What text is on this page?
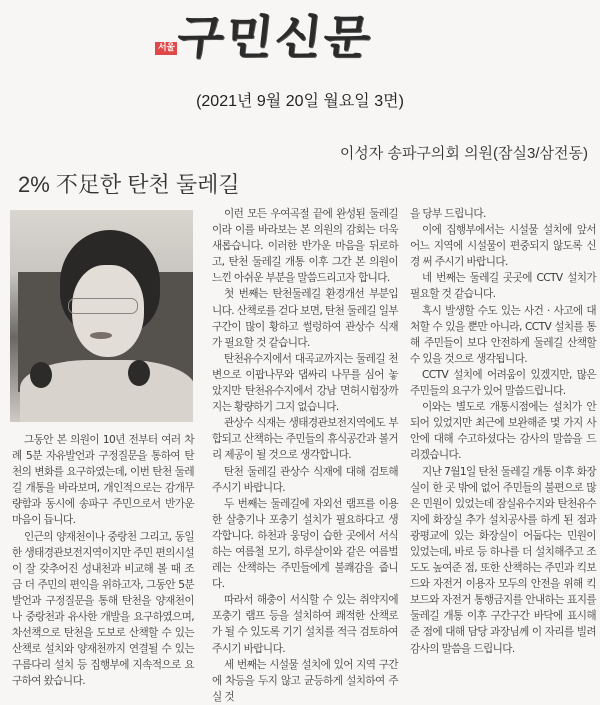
서울 구민신문
(2021년 9월 20일 월요일 3면)
이성자 송파구의회 의원(잠실3/삼전동)
2% 不足한 탄천 둘레길

그동안 본 의원이 10년 전부터 여러 차례 5분 자유발언과 구정질문을 통하여 탄천의 변화를 요구하였는데, 이번 탄천 둘레길 개통을 바라보며, 개인적으로는 감개무량함과 동시에 송파구 주민으로서 반가운 마음이 듭니다.

인근의 양재천이나 중랑천 그리고, 동일한 생태경관보전지역이지만 주민 편의시설이 잘 갖추어진 성내천과 비교해 볼 때 조금 더 주민의 편익을 위하고자, 그동안 5분 발언과 구정질문을 통해 탄천을 양재천이나 중랑천과 유사한 개발을 요구하였으며, 차선책으로 탄천을 도보로 산책할 수 있는 산책로 설치와 양재천까지 연결될 수 있는 구름다리 설치 등 집행부에 지속적으로 요구하여 왔습니다.

이런 모든 우여곡절 끝에 완성된 둘레길이라 이를 바라보는 본 의원의 감회는 더욱 새롭습니다. 이러한 반가운 마음을 뒤로하고, 탄천 둘레길 개통 이후 그간 본 의원이 느낀 아쉬운 부분을 말씀드리고자 합니다.

첫 번째는 탄천둘레길 환경개선 부분입니다. 산책로를 걷다 보면, 탄천 둘레길 일부 구간이 많이 황하고 썰렁하여 관상수 식재가 필요할 것 같습니다.

탄천유수지에서 대곡교까지는 둘레길 천변으로 이팝나무와 댑싸리 나무를 심어 놓았지만 탄천유수지에서 강남 면허시험장까지는 황량하기 그지 없습니다.

관상수 식재는 생태경관보전지역에도 부합되고 산책하는 주민들의 휴식공간과 볼거리 제공이 될 것으로 생각합니다.

탄천 둘레길 관상수 식재에 대해 검토해 주시기 바랍니다.

두 번째는 둘레길에 자외선 램프를 이용한 살충기나 포충기 설치가 필요하다고 생각합니다. 하천과 웅덩이 습한 곳에서 서식하는 여름철 모기, 하루살이와 같은 여름벌레는 산책하는 주민들에게 불쾌감을 줍니다.

따라서 해충이 서식할 수 있는 취약지에 포충기 램프 등을 설치하여 쾌적한 산책로가 될 수 있도록 기기 설치를 적극 검토하여 주시기 바랍니다.

세 번째는 시설물 설치에 있어 지역 구간에 차등을 두지 않고 균등하게 설치하여 주실 것

을 당부 드립니다.

이에 집행부에서는 시설물 설치에 앞서 어느 지역에 시설물이 편중되지 않도록 신경 써 주시기 바랍니다.

네 번째는 둘레길 곳곳에 CCTV 설치가 필요할 것 같습니다.

혹시 발생할 수도 있는 사건 · 사고에 대처할 수 있을 뿐만 아니라, CCTV 설치를 통해 주민들이 보다 안전하게 둘레길 산책할 수 있을 것으로 생각됩니다.

CCTV 설치에 어려움이 있겠지만, 많은 주민들의 요구가 있어 말씀드립니다.

이와는 별도로 개통시점에는 설치가 안 되어 있었지만 최근에 보완해준 몇 가지 사안에 대해 수고하셨다는 감사의 말씀을 드리겠습니다.

지난 7월1일 탄천 둘레길 개통 이후 화장실이 한 곳 밖에 없어 주민들의 불편으로 많은 민원이 있었는데 잠실유수지와 탄천유수지에 화장실 추가 설치공사를 하게 된 점과 광평교에 있는 화장실이 어둡다는 민원이 있었는데, 바로 등 하나를 더 설치해주고 조도도 높여준 점, 또한 산책하는 주민과 킥보드와 자전거 이용자 모두의 안전을 위해 킥보드와 자전거 통행금지를 안내하는 표지를 둘레길 개통 이후 구간구간 바닥에 표시해 준 점에 대해 담당 과장님께 이 자리를 빌려 감사의 말씀을 드립니다.
